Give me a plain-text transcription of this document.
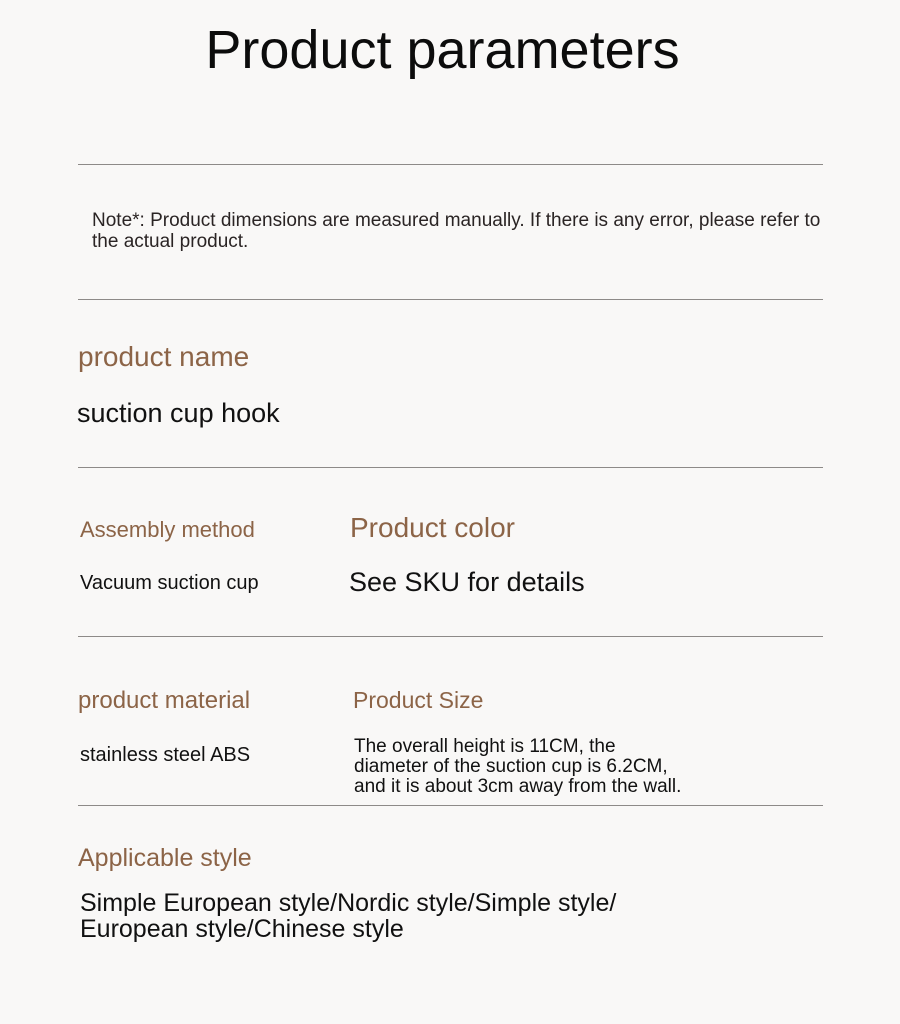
Product parameters
Note*: Product dimensions are measured manually. If there is any error, please refer to the actual product.
product name
suction cup hook
Assembly method
Vacuum suction cup
Product color
See SKU for details
product material
stainless steel ABS
Product Size
The overall height is 11CM, the
diameter of the suction cup is 6.2CM,
and it is about 3cm away from the wall.
Applicable style
Simple European style/Nordic style/Simple style/
European style/Chinese style
